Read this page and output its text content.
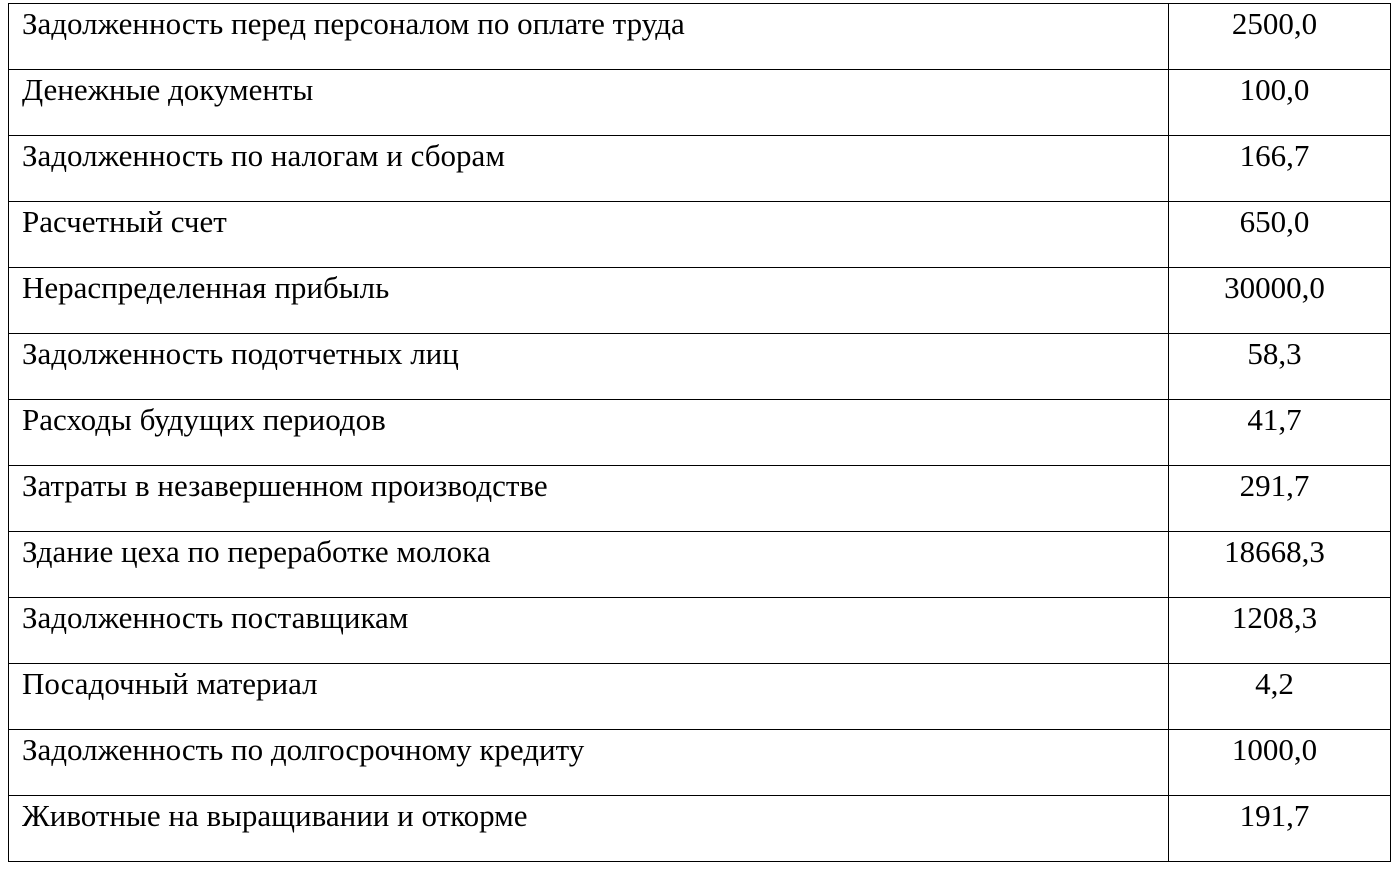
Задолженность перед персоналом по оплате труда	2500,0
Денежные документы	100,0
Задолженность по налогам и сборам	166,7
Расчетный счет	650,0
Нераспределенная прибыль	30000,0
Задолженность подотчетных лиц	58,3
Расходы будущих периодов	41,7
Затраты в незавершенном производстве	291,7
Здание цеха по переработке молока	18668,3
Задолженность поставщикам	1208,3
Посадочный материал	4,2
Задолженность по долгосрочному кредиту	1000,0
Животные на выращивании и откорме	191,7
